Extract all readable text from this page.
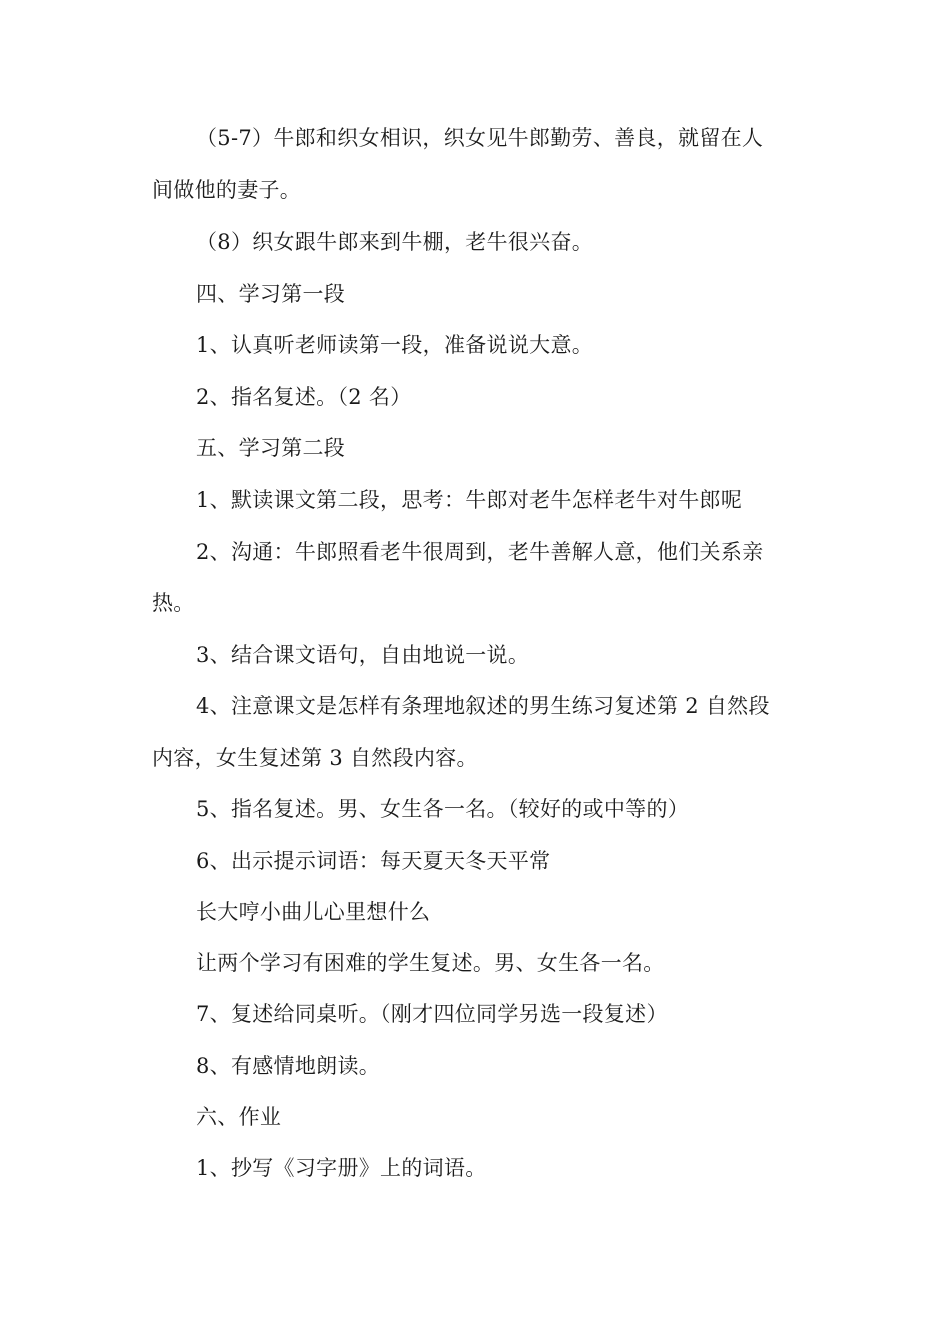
（5-7）牛郎和织女相识，织女见牛郎勤劳、善良，就留在人
间做他的妻子。
（8）织女跟牛郎来到牛棚，老牛很兴奋。
四、学习第一段
1、认真听老师读第一段，准备说说大意。
2、指名复述。（2 名）
五、学习第二段
1、默读课文第二段，思考：牛郎对老牛怎样老牛对牛郎呢
2、沟通：牛郎照看老牛很周到，老牛善解人意，他们关系亲
热。
3、结合课文语句，自由地说一说。
4、注意课文是怎样有条理地叙述的男生练习复述第 2 自然段
内容，女生复述第 3 自然段内容。
5、指名复述。男、女生各一名。（较好的或中等的）
6、出示提示词语：每天夏天冬天平常
长大哼小曲儿心里想什么
让两个学习有困难的学生复述。男、女生各一名。
7、复述给同桌听。（刚才四位同学另选一段复述）
8、有感情地朗读。
六、作业
1、抄写《习字册》上的词语。
